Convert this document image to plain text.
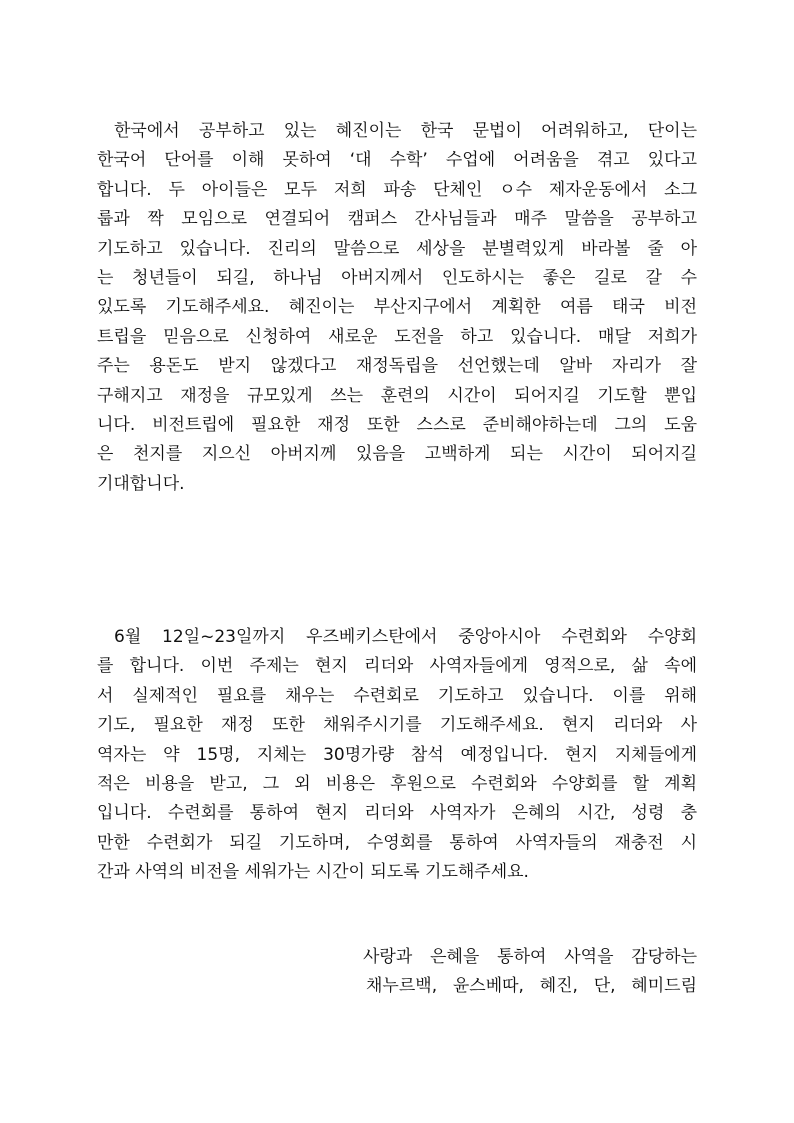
한국에서 공부하고 있는 혜진이는 한국 문법이 어려워하고, 단이는
한국어 단어를 이해 못하여 ‘대 수학’ 수업에 어려움을 겪고 있다고
합니다. 두 아이들은 모두 저희 파송 단체인 ㅇ수 제자운동에서 소그
룹과 짝 모임으로 연결되어 캠퍼스 간사님들과 매주 말씀을 공부하고
기도하고 있습니다. 진리의 말씀으로 세상을 분별력있게 바라볼 줄 아
는 청년들이 되길, 하나님 아버지께서 인도하시는 좋은 길로 갈 수
있도록 기도해주세요. 혜진이는 부산지구에서 계획한 여름 태국 비전
트립을 믿음으로 신청하여 새로운 도전을 하고 있습니다. 매달 저희가
주는 용돈도 받지 않겠다고 재정독립을 선언했는데 알바 자리가 잘
구해지고 재정을 규모있게 쓰는 훈련의 시간이 되어지길 기도할 뿐입
니다. 비전트립에 필요한 재정 또한 스스로 준비해야하는데 그의 도움
은 천지를 지으신 아버지께 있음을 고백하게 되는 시간이 되어지길
기대합니다.
6월 12일~23일까지 우즈베키스탄에서 중앙아시아 수련회와 수양회
를 합니다. 이번 주제는 현지 리더와 사역자들에게 영적으로, 삶 속에
서 실제적인 필요를 채우는 수련회로 기도하고 있습니다. 이를 위해
기도, 필요한 재정 또한 채워주시기를 기도해주세요. 현지 리더와 사
역자는 약 15명, 지체는 30명가량 참석 예정입니다. 현지 지체들에게
적은 비용을 받고, 그 외 비용은 후원으로 수련회와 수양회를 할 계획
입니다. 수련회를 통하여 현지 리더와 사역자가 은혜의 시간, 성령 충
만한 수련회가 되길 기도하며, 수영회를 통하여 사역자들의 재충전 시
간과 사역의 비전을 세워가는 시간이 되도록 기도해주세요.
사랑과 은혜을 통하여 사역을 감당하는
채누르백, 윤스베따, 혜진, 단, 혜미드림
